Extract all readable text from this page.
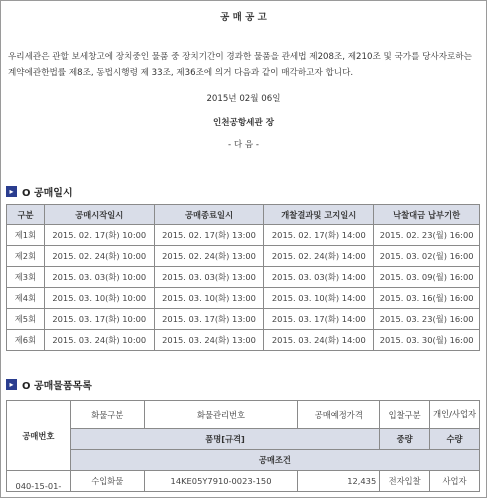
공 매 공 고
우리세관은 관할 보세창고에 장치중인 물품 중 장치기간이 경과한 물품을 관세법 제208조, 제210조 및 국가를 당사자로하는계약에관한법률 제8조, 동법시행령 제 33조, 제36조에 의거 다음과 같이 매각하고자 합니다.
2015년 02월 06일
인천공항세관 장
- 다 음 -
▸ O 공매일시
구분	공매시작일시	공매종료일시	개찰결과및 고지일시	낙찰대금 납부기한
제1회	2015. 02. 17(화) 10:00	2015. 02. 17(화) 13:00	2015. 02. 17(화) 14:00	2015. 02. 23(월) 16:00
제2회	2015. 02. 24(화) 10:00	2015. 02. 24(화) 13:00	2015. 02. 24(화) 14:00	2015. 03. 02(월) 16:00
제3회	2015. 03. 03(화) 10:00	2015. 03. 03(화) 13:00	2015. 03. 03(화) 14:00	2015. 03. 09(월) 16:00
제4회	2015. 03. 10(화) 10:00	2015. 03. 10(화) 13:00	2015. 03. 10(화) 14:00	2015. 03. 16(월) 16:00
제5회	2015. 03. 17(화) 10:00	2015. 03. 17(화) 13:00	2015. 03. 17(화) 14:00	2015. 03. 23(월) 16:00
제6회	2015. 03. 24(화) 10:00	2015. 03. 24(화) 13:00	2015. 03. 24(화) 14:00	2015. 03. 30(월) 16:00
▸ O 공매물품목록
공매번호	화물구분	화물관리번호	공매예정가격	입찰구분	개인/사업자
	품명[규격]			중량	수량
	공매조건				
040-15-01-	수입화물	14KE05Y7910-0023-150	12,435	전자입찰	사업자
